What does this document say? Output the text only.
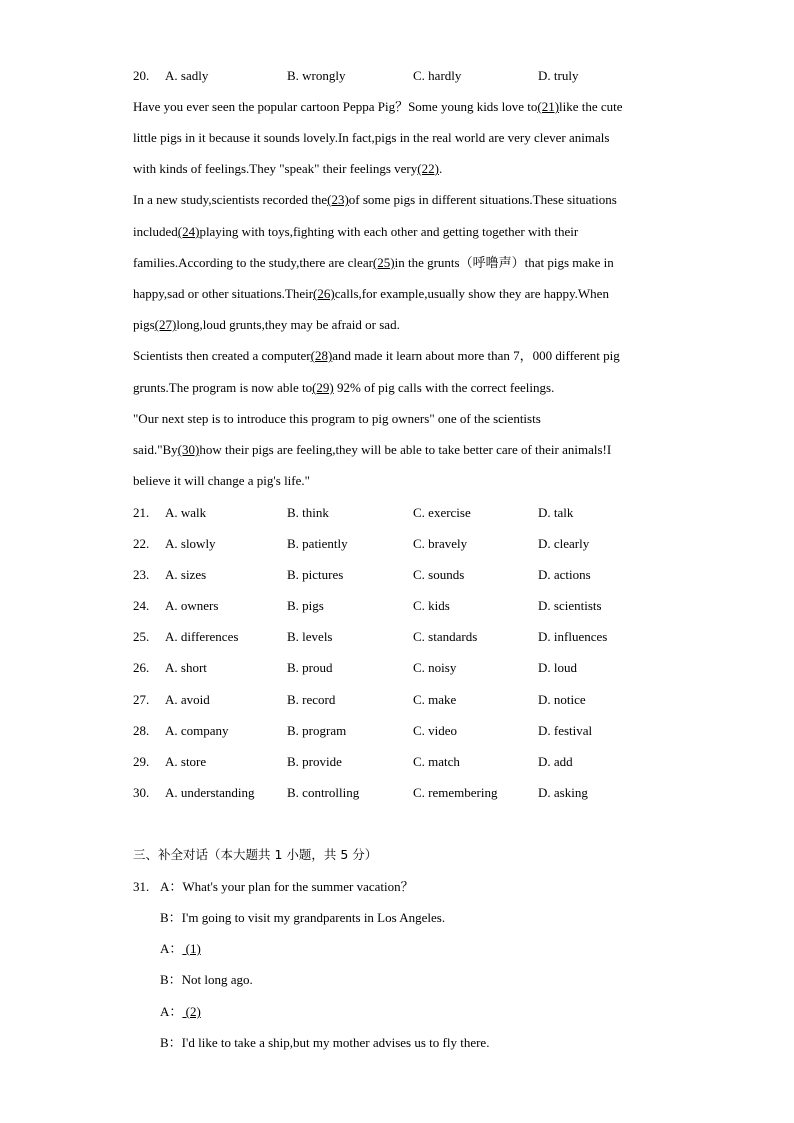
20. A. sadly	B. wrongly	C. hardly	D. truly
Have you ever seen the popular cartoon Peppa Pig？Some young kids love to(21)like the cute
little pigs in it because it sounds lovely.In fact,pigs in the real world are very clever animals
with kinds of feelings.They "speak" their feelings very(22).
In a new study,scientists recorded the(23)of some pigs in different situations.These situations
included(24)playing with toys,fighting with each other and getting together with their
families.According to the study,there are clear(25)in the grunts（呼噜声）that pigs make in
happy,sad or other situations.Their(26)calls,for example,usually show they are happy.When
pigs(27)long,loud grunts,they may be afraid or sad.
Scientists then created a computer(28)and made it learn about more than 7，000 different pig
grunts.The program is now able to(29) 92% of pig calls with the correct feelings.
"Our next step is to introduce this program to pig owners" one of the scientists
said."By(30)how their pigs are feeling,they will be able to take better care of their animals!I
believe it will change a pig's life."
21. A. walk	B. think	C. exercise	D. talk
22. A. slowly	B. patiently	C. bravely	D. clearly
23. A. sizes	B. pictures	C. sounds	D. actions
24. A. owners	B. pigs	C. kids	D. scientists
25. A. differences	B. levels	C. standards	D. influences
26. A. short	B. proud	C. noisy	D. loud
27. A. avoid	B. record	C. make	D. notice
28. A. company	B. program	C. video	D. festival
29. A. store	B. provide	C. match	D. add
30. A. understanding B. controlling	C. remembering	D. asking
三、补全对话（本大题共 1 小题，共 5 分）
31. A：What's your plan for the summer vacation？
B：I'm going to visit my grandparents in Los Angeles.
A： (1)
B：Not long ago.
A： (2)
B：I'd like to take a ship,but my mother advises us to fly there.
